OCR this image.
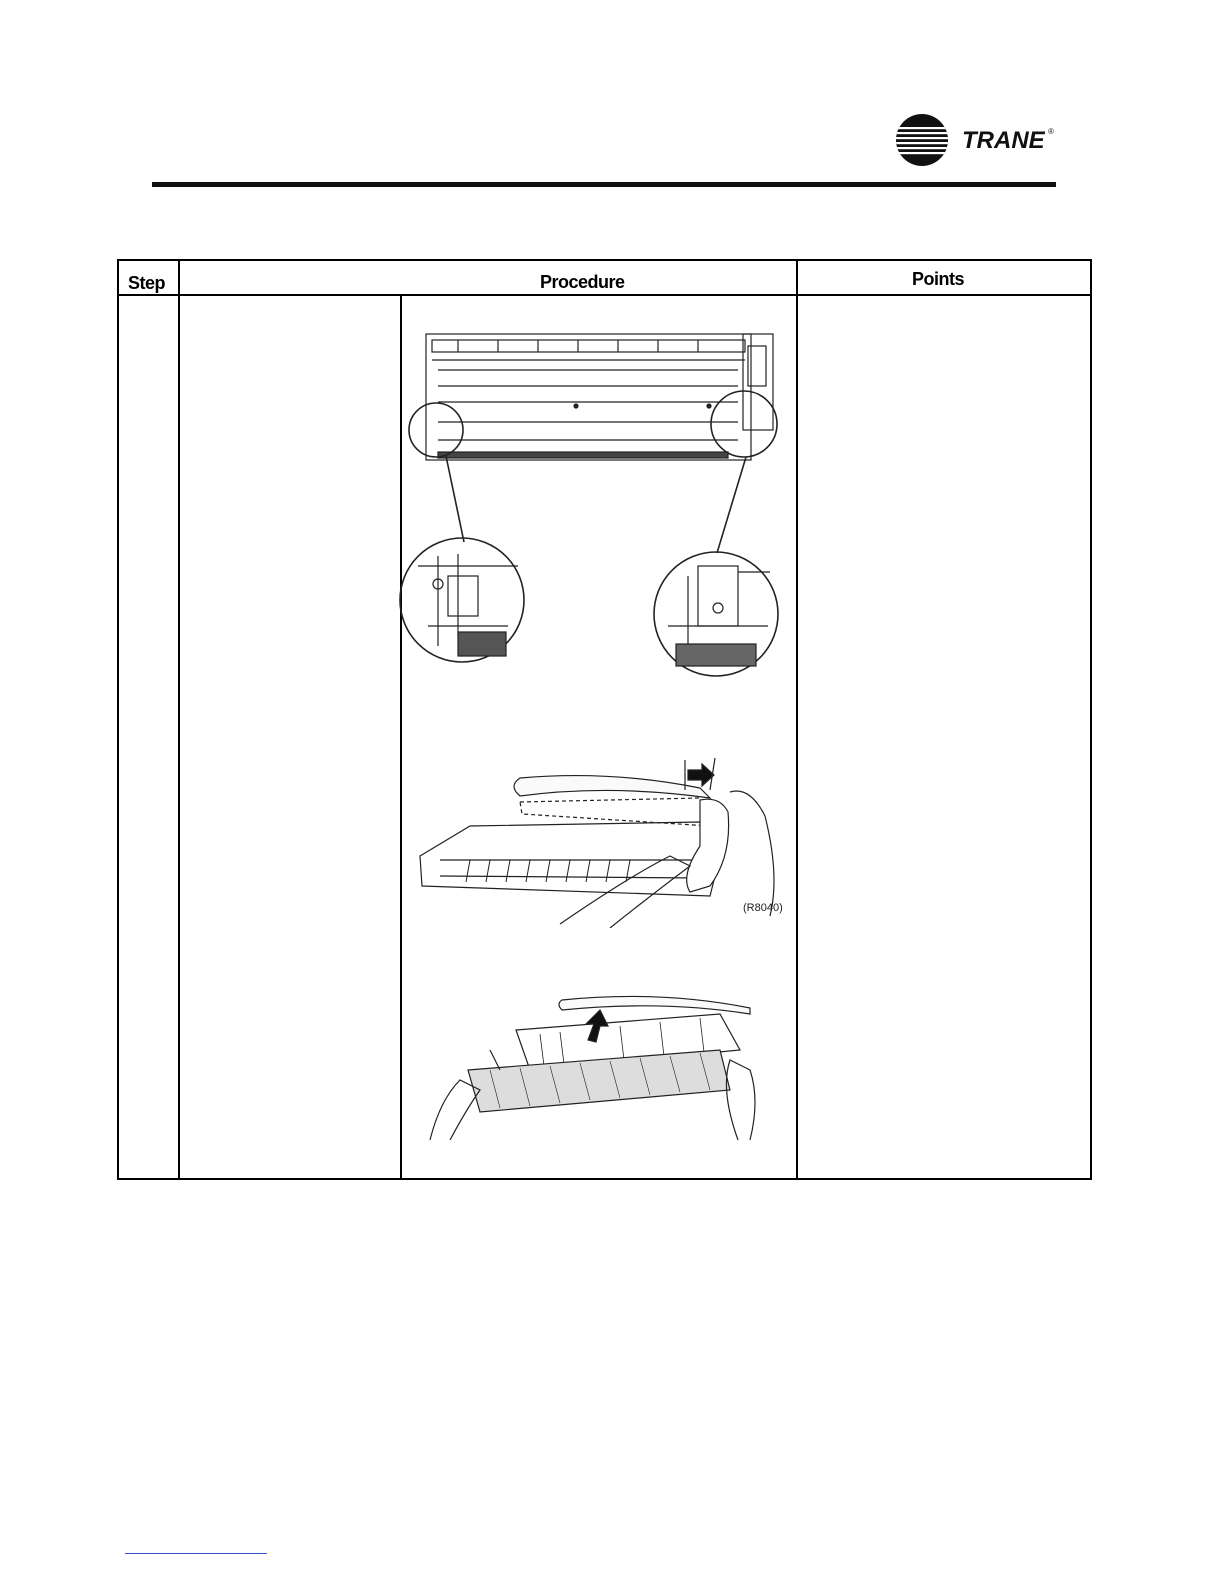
TRANE ®
Step	Procedure	Points
(R8040)
